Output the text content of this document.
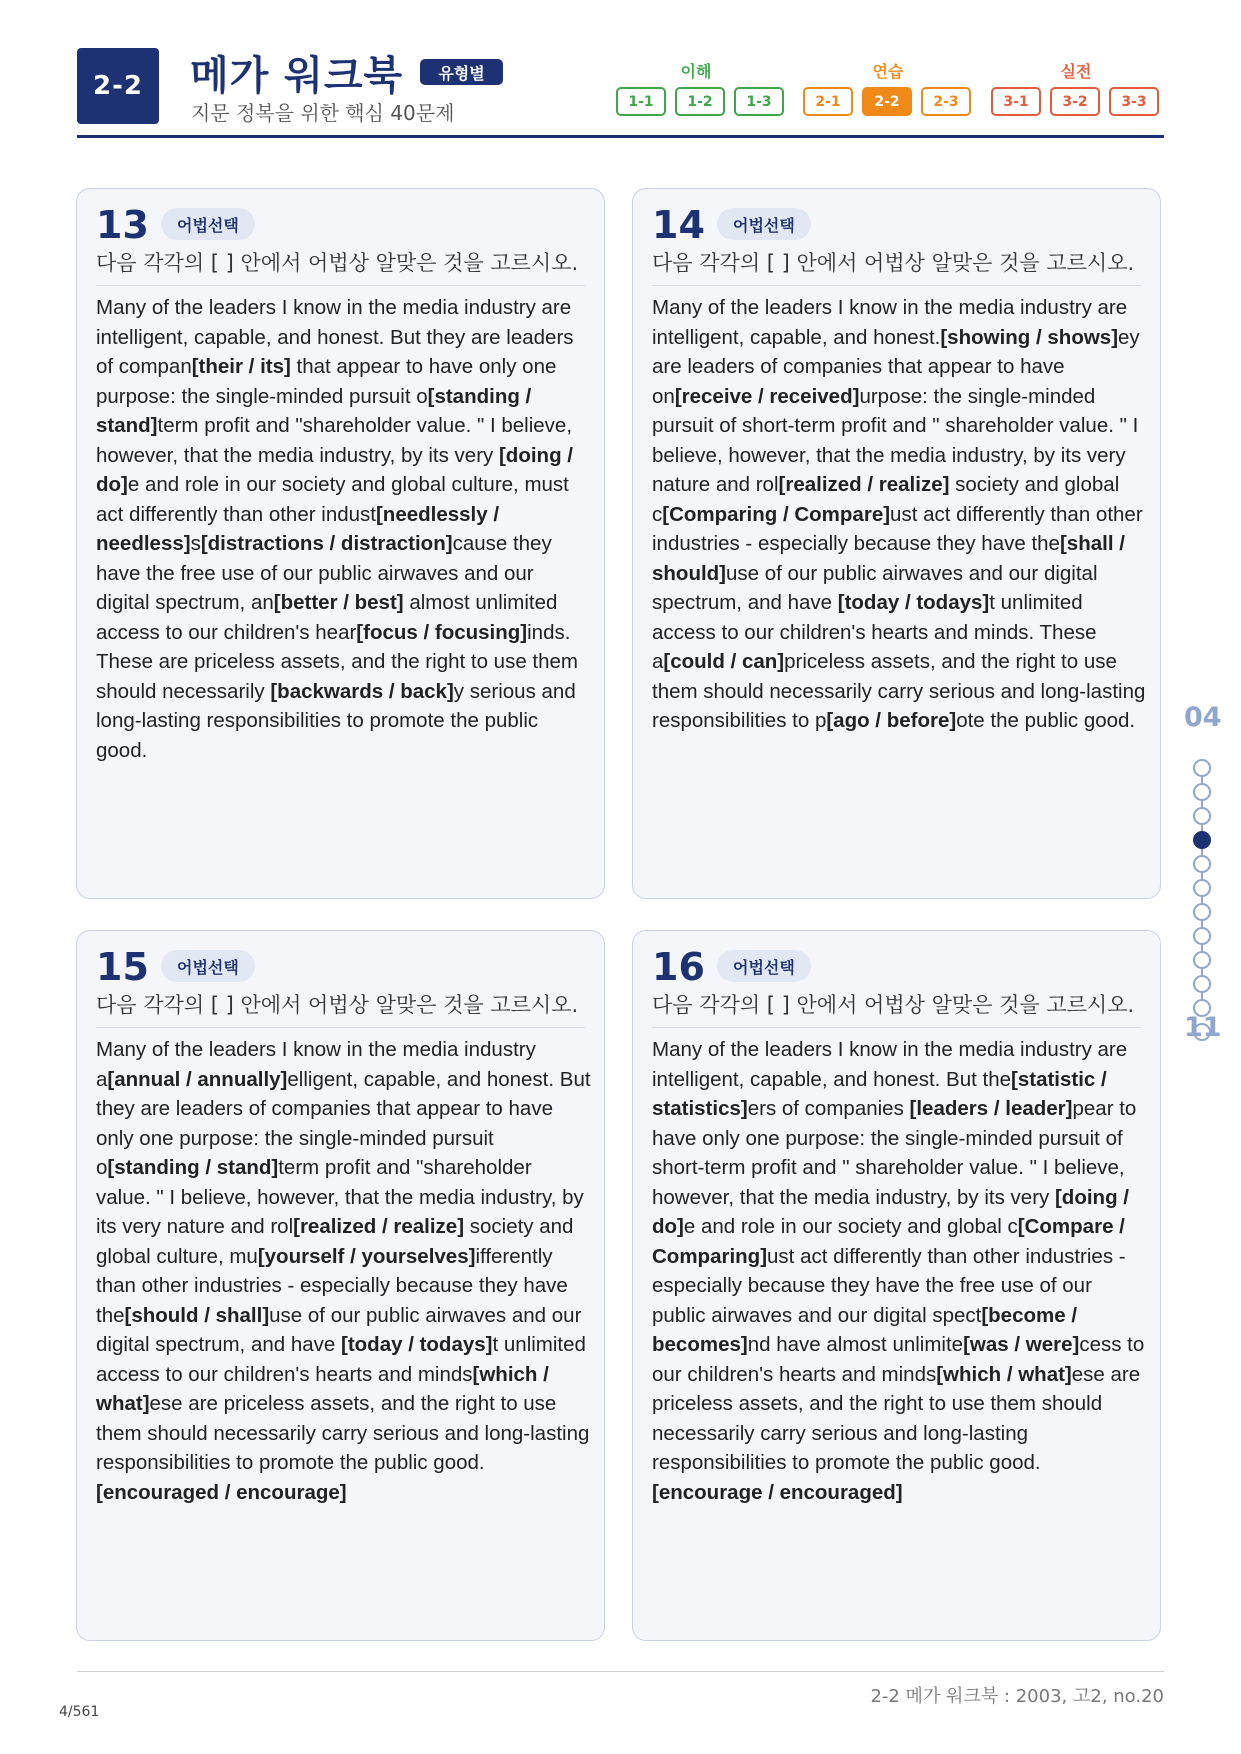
2-2	메가 워크북	유형별
지문 정복을 위한 핵심 40문제
이해	연습	실전
1-1	1-2	1-3	2-1	2-2	2-3	3-1	3-2	3-3
13	어법선택
다음 각각의 [ ] 안에서 어법상 알맞은 것을 고르시오.
Many of the leaders I know in the media industry are intelligent, capable, and honest. But they are leaders of compan[their / its] that appear to have only one purpose: the single-minded pursuit o[standing / stand]term profit and "shareholder value. " I believe, however, that the media industry, by its very [doing / do]e and role in our society and global culture, must act differently than other indust[needlessly / needless]s[distractions / distraction]cause they have the free use of our public airwaves and our digital spectrum, an[better / best] almost unlimited access to our children's hear[focus / focusing]inds. These are priceless assets, and the right to use them should necessarily [backwards / back]y serious and long-lasting responsibilities to promote the public good.
14	어법선택
다음 각각의 [ ] 안에서 어법상 알맞은 것을 고르시오.
Many of the leaders I know in the media industry are intelligent, capable, and honest.[showing / shows]ey are leaders of companies that appear to have on[receive / received]urpose: the single-minded pursuit of short-term profit and " shareholder value. " I believe, however, that the media industry, by its very nature and rol[realized / realize] society and global c[Comparing / Compare]ust act differently than other industries - especially because they have the[shall / should]use of our public airwaves and our digital spectrum, and have [today / todays]t unlimited access to our children's hearts and minds. These a[could / can]priceless assets, and the right to use them should necessarily carry serious and long-lasting responsibilities to p[ago / before]ote the public good.
15	어법선택
다음 각각의 [ ] 안에서 어법상 알맞은 것을 고르시오.
Many of the leaders I know in the media industry a[annual / annually]elligent, capable, and honest. But they are leaders of companies that appear to have only one purpose: the single-minded pursuit o[standing / stand]term profit and "shareholder value. " I believe, however, that the media industry, by its very nature and rol[realized / realize] society and global culture, mu[yourself / yourselves]ifferently than other industries - especially because they have the[should / shall]use of our public airwaves and our digital spectrum, and have [today / todays]t unlimited access to our children's hearts and minds[which / what]ese are priceless assets, and the right to use them should necessarily carry serious and long-lasting responsibilities to promote the public good.[encouraged / encourage]
16	어법선택
다음 각각의 [ ] 안에서 어법상 알맞은 것을 고르시오.
Many of the leaders I know in the media industry are intelligent, capable, and honest. But the[statistic / statistics]ers of companies [leaders / leader]pear to have only one purpose: the single-minded pursuit of short-term profit and " shareholder value. " I believe, however, that the media industry, by its very [doing / do]e and role in our society and global c[Compare / Comparing]ust act differently than other industries - especially because they have the free use of our public airwaves and our digital spect[become / becomes]nd have almost unlimite[was / were]cess to our children's hearts and minds[which / what]ese are priceless assets, and the right to use them should necessarily carry serious and long-lasting responsibilities to promote the public good.[encourage / encouraged]
04
11
2-2 메가 워크북 : 2003, 고2, no.20
4/561
